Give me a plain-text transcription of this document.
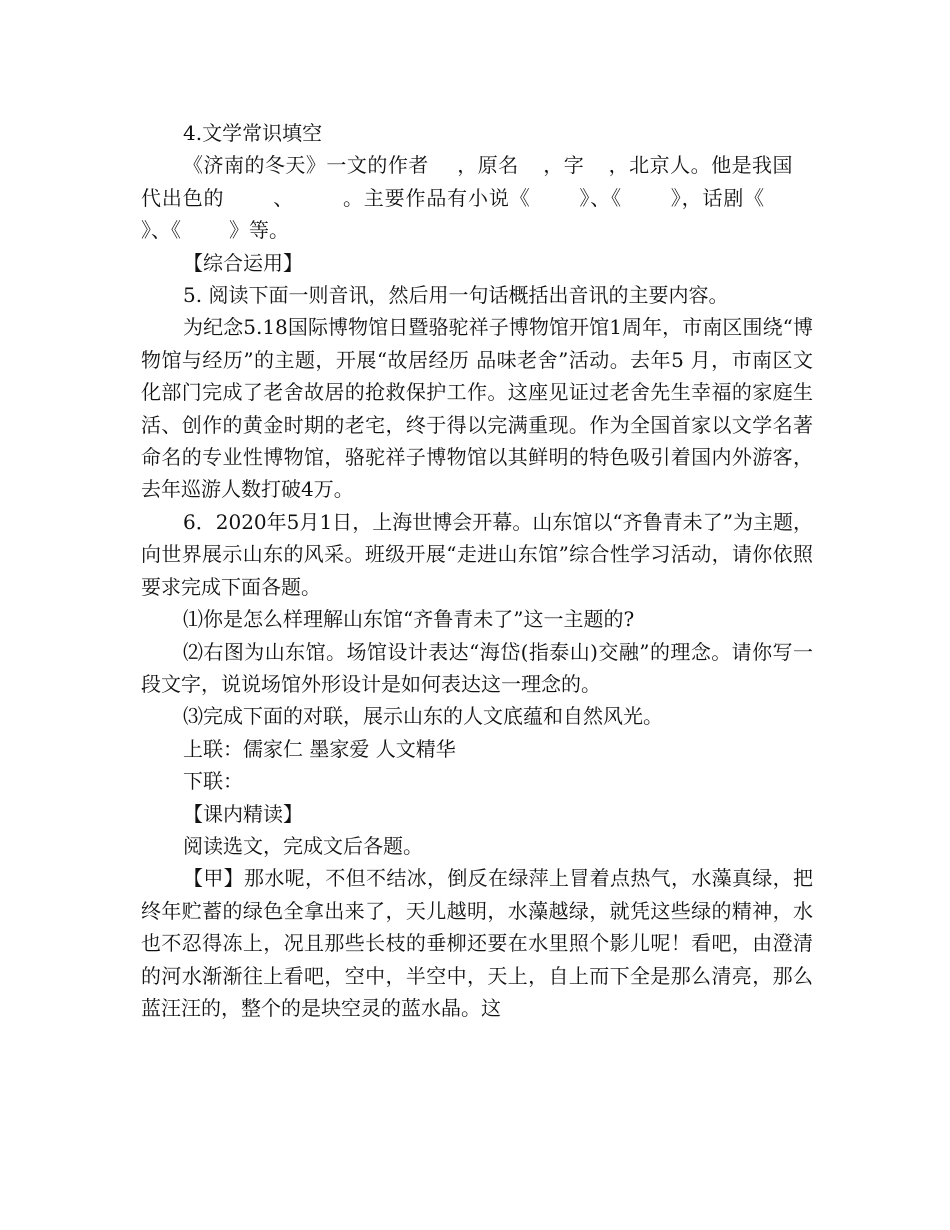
4.文学常识填空

《济南的冬天》一文的作者 ，原名 ，字 ，北京人。他是我国代出色的 、 。主要作品有小说《 》、《 》，话剧《》、《 》等。

【综合运用】

5. 阅读下面一则音讯，然后用一句话概括出音讯的主要内容。

为纪念5.18国际博物馆日暨骆驼祥子博物馆开馆1周年，市南区围绕“博物馆与经历”的主题，开展“故居经历 品味老舍”活动。去年5 月，市南区文化部门完成了老舍故居的抢救保护工作。这座见证过老舍先生幸福的家庭生活、创作的黄金时期的老宅，终于得以完满重现。作为全国首家以文学名著命名的专业性博物馆，骆驼祥子博物馆以其鲜明的特色吸引着国内外游客，去年巡游人数打破4万。

6．2020年5月1日，上海世博会开幕。山东馆以“齐鲁青未了”为主题，向世界展示山东的风采。班级开展“走进山东馆”综合性学习活动，请你依照要求完成下面各题。

⑴你是怎么样理解山东馆“齐鲁青未了”这一主题的?

⑵右图为山东馆。场馆设计表达“海岱(指泰山)交融”的理念。请你写一段文字，说说场馆外形设计是如何表达这一理念的。

⑶完成下面的对联，展示山东的人文底蕴和自然风光。

上联：儒家仁 墨家爱 人文精华

下联：

【课内精读】

阅读选文，完成文后各题。

【甲】那水呢，不但不结冰，倒反在绿萍上冒着点热气，水藻真绿，把终年贮蓄的绿色全拿出来了，天儿越明，水藻越绿，就凭这些绿的精神，水也不忍得冻上，况且那些长枝的垂柳还要在水里照个影儿呢！看吧，由澄清的河水渐渐往上看吧，空中，半空中，天上，自上而下全是那么清亮，那么蓝汪汪的，整个的是块空灵的蓝水晶。这
